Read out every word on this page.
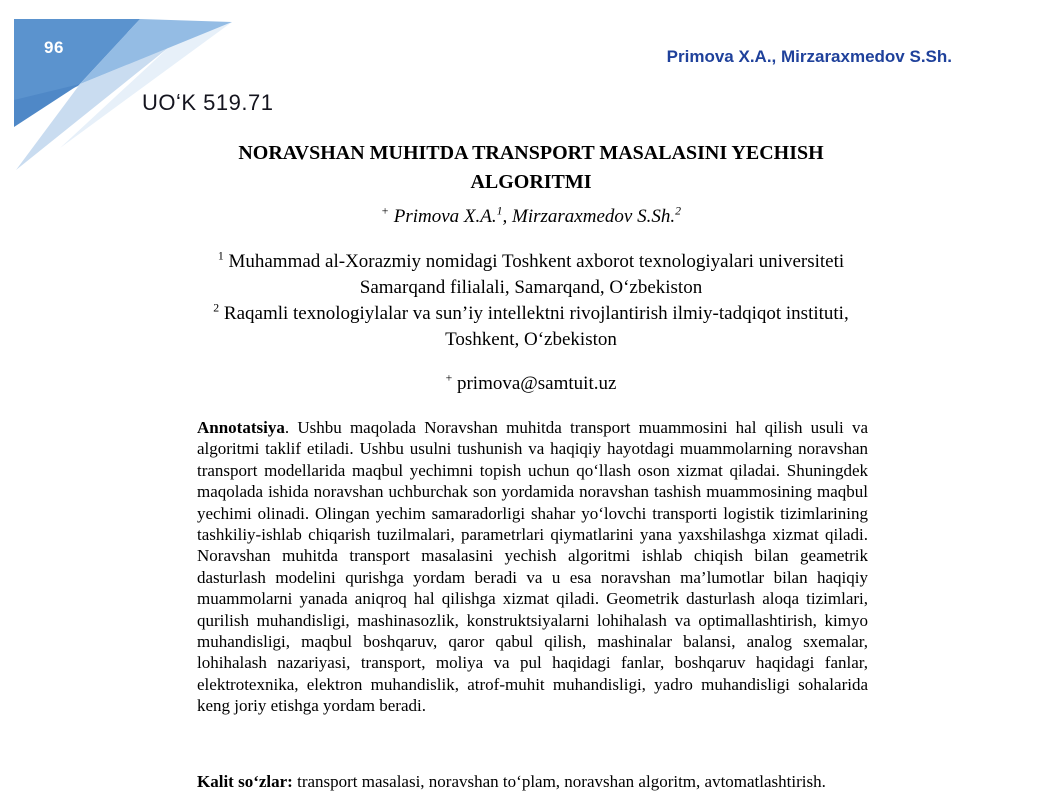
96	Primova X.A., Mirzaraxmedov S.Sh.
UOʻK 519.71
NORAVSHAN MUHITDA TRANSPORT MASALASINI YECHISH
ALGORITMI
+ Primova X.A.$^1$, Mirzaraxmedov S.Sh.$^2$
$^1$ Muhammad al-Xorazmiy nomidagi Toshkent axborot texnologiyalari universiteti
Samarqand filialali, Samarqand, Oʻzbekiston
$^2$ Raqamli texnologiylalar va sun’iy intellektni rivojlantirish ilmiy-tadqiqot instituti,
Toshkent, Oʻzbekiston
+ primova@samtuit.uz

Annotatsiya. Ushbu maqolada Noravshan muhitda transport muammosini hal qilish usuli va algoritmi taklif etiladi. Ushbu usulni tushunish va haqiqiy hayotdagi muammolarning noravshan transport modellarida maqbul yechimni topish uchun qoʻllash oson xizmat qiladai. Shuningdek maqolada ishida noravshan uchburchak son yordamida noravshan tashish muammosining maqbul yechimi olinadi. Olingan yechim samaradorligi shahar yoʻlovchi transporti logistik tizimlarining tashkiliy-ishlab chiqarish tuzilmalari, parametrlari qiymatlarini yana yaxshilashga xizmat qiladi. Noravshan muhitda transport masalasini yechish algoritmi ishlab chiqish bilan geametrik dasturlash modelini qurishga yordam beradi va u esa noravshan ma’lumotlar bilan haqiqiy muammolarni yanada aniqroq hal qilishga xizmat qiladi. Geometrik dasturlash aloqa tizimlari, qurilish muhandisligi, mashinasozlik, konstruktsiyalarni lohihalash va optimallashtirish, kimyo muhandisligi, maqbul boshqaruv, qaror qabul qilish, mashinalar balansi, analog sxemalar, lohihalash nazariyasi, transport, moliya va pul haqidagi fanlar, boshqaruv haqidagi fanlar, elektrotexnika, elektron muhandislik, atrof-muhit muhandisligi, yadro muhandisligi sohalarida keng joriy etishga yordam beradi.

Kalit soʻzlar: transport masalasi, noravshan toʻplam, noravshan algoritm, avtomatlashtirish.
